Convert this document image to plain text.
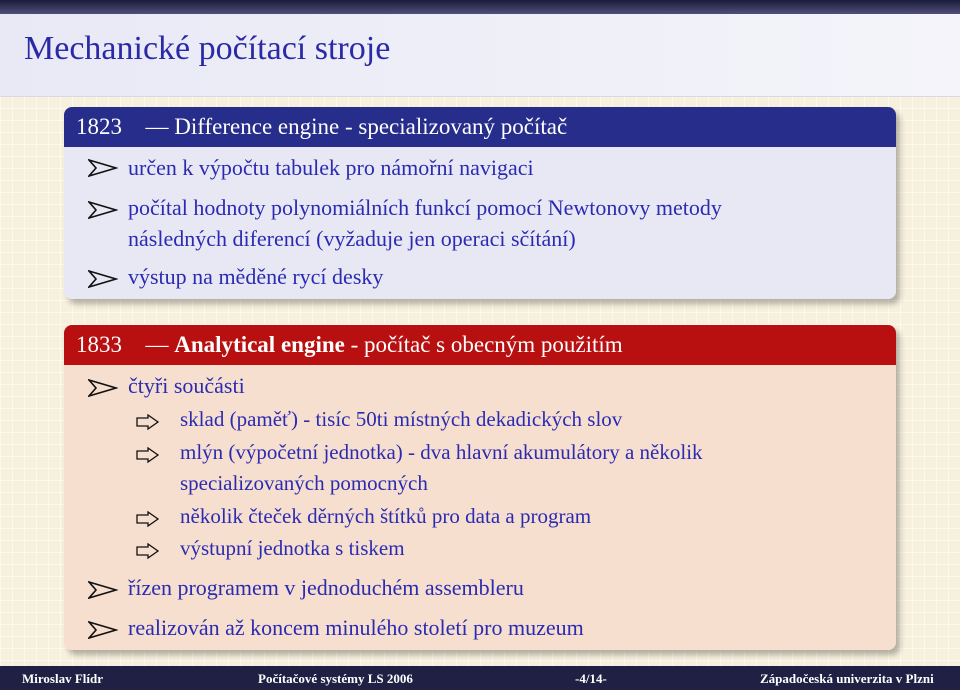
Mechanické počítací stroje
1823 — Difference engine - specializovaný počítač
určen k výpočtu tabulek pro námořní navigaci
počítal hodnoty polynomiálních funkcí pomocí Newtonovy metody
následných diferencí (vyžaduje jen operaci sčítání)
výstup na měděné rycí desky
1833 — Analytical engine - počítač s obecným použitím
čtyři součásti
sklad (paměť) - tisíc 50ti místných dekadických slov
mlýn (výpočetní jednotka) - dva hlavní akumulátory a několik
specializovaných pomocných
několik čteček děrných štítků pro data a program
výstupní jednotka s tiskem
řízen programem v jednoduchém assembleru
realizován až koncem minulého století pro muzeum
Miroslav Flídr	Počítačové systémy LS 2006	-4/14-	Západočeská univerzita v Plzni
